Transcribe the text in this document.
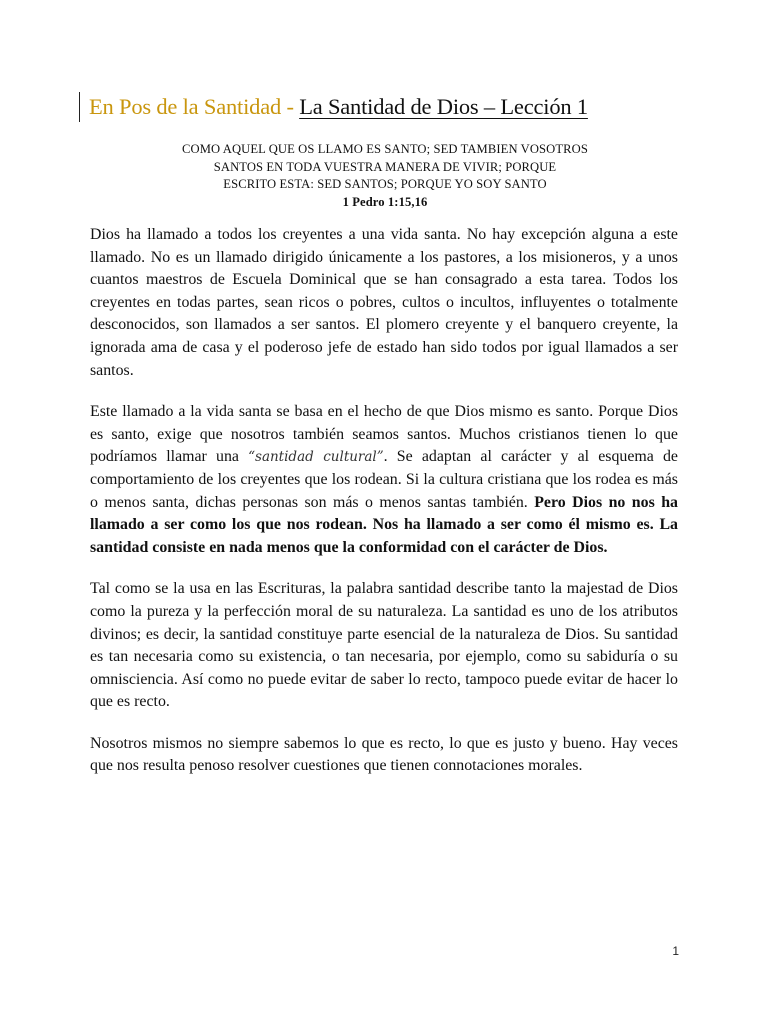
En Pos de la Santidad - La Santidad de Dios – Lección 1
COMO AQUEL QUE OS LLAMO ES SANTO; SED TAMBIEN VOSOTROS
SANTOS EN TODA VUESTRA MANERA DE VIVIR; PORQUE
ESCRITO ESTA: SED SANTOS; PORQUE YO SOY SANTO
1 Pedro 1:15,16

Dios ha llamado a todos los creyentes a una vida santa. No hay excepción alguna a este llamado. No es un llamado dirigido únicamente a los pastores, a los misioneros, y a unos cuantos maestros de Escuela Dominical que se han consagrado a esta tarea. Todos los creyentes en todas partes, sean ricos o pobres, cultos o incultos, influyentes o totalmente desconocidos, son llamados a ser santos. El plomero creyente y el banquero creyente, la ignorada ama de casa y el poderoso jefe de estado han sido todos por igual llamados a ser santos.

Este llamado a la vida santa se basa en el hecho de que Dios mismo es santo. Porque Dios es santo, exige que nosotros también seamos santos. Muchos cristianos tienen lo que podríamos llamar una “santidad cultural”. Se adaptan al carácter y al esquema de comportamiento de los creyentes que los rodean. Si la cultura cristiana que los rodea es más o menos santa, dichas personas son más o menos santas también. Pero Dios no nos ha llamado a ser como los que nos rodean. Nos ha llamado a ser como él mismo es. La santidad consiste en nada menos que la conformidad con el carácter de Dios.

Tal como se la usa en las Escrituras, la palabra santidad describe tanto la majestad de Dios como la pureza y la perfección moral de su naturaleza. La santidad es uno de los atributos divinos; es decir, la santidad constituye parte esencial de la naturaleza de Dios. Su santidad es tan necesaria como su existencia, o tan necesaria, por ejemplo, como su sabiduría o su omnisciencia. Así como no puede evitar de saber lo recto, tampoco puede evitar de hacer lo que es recto.

Nosotros mismos no siempre sabemos lo que es recto, lo que es justo y bueno. Hay veces que nos resulta penoso resolver cuestiones que tienen connotaciones morales.

1
